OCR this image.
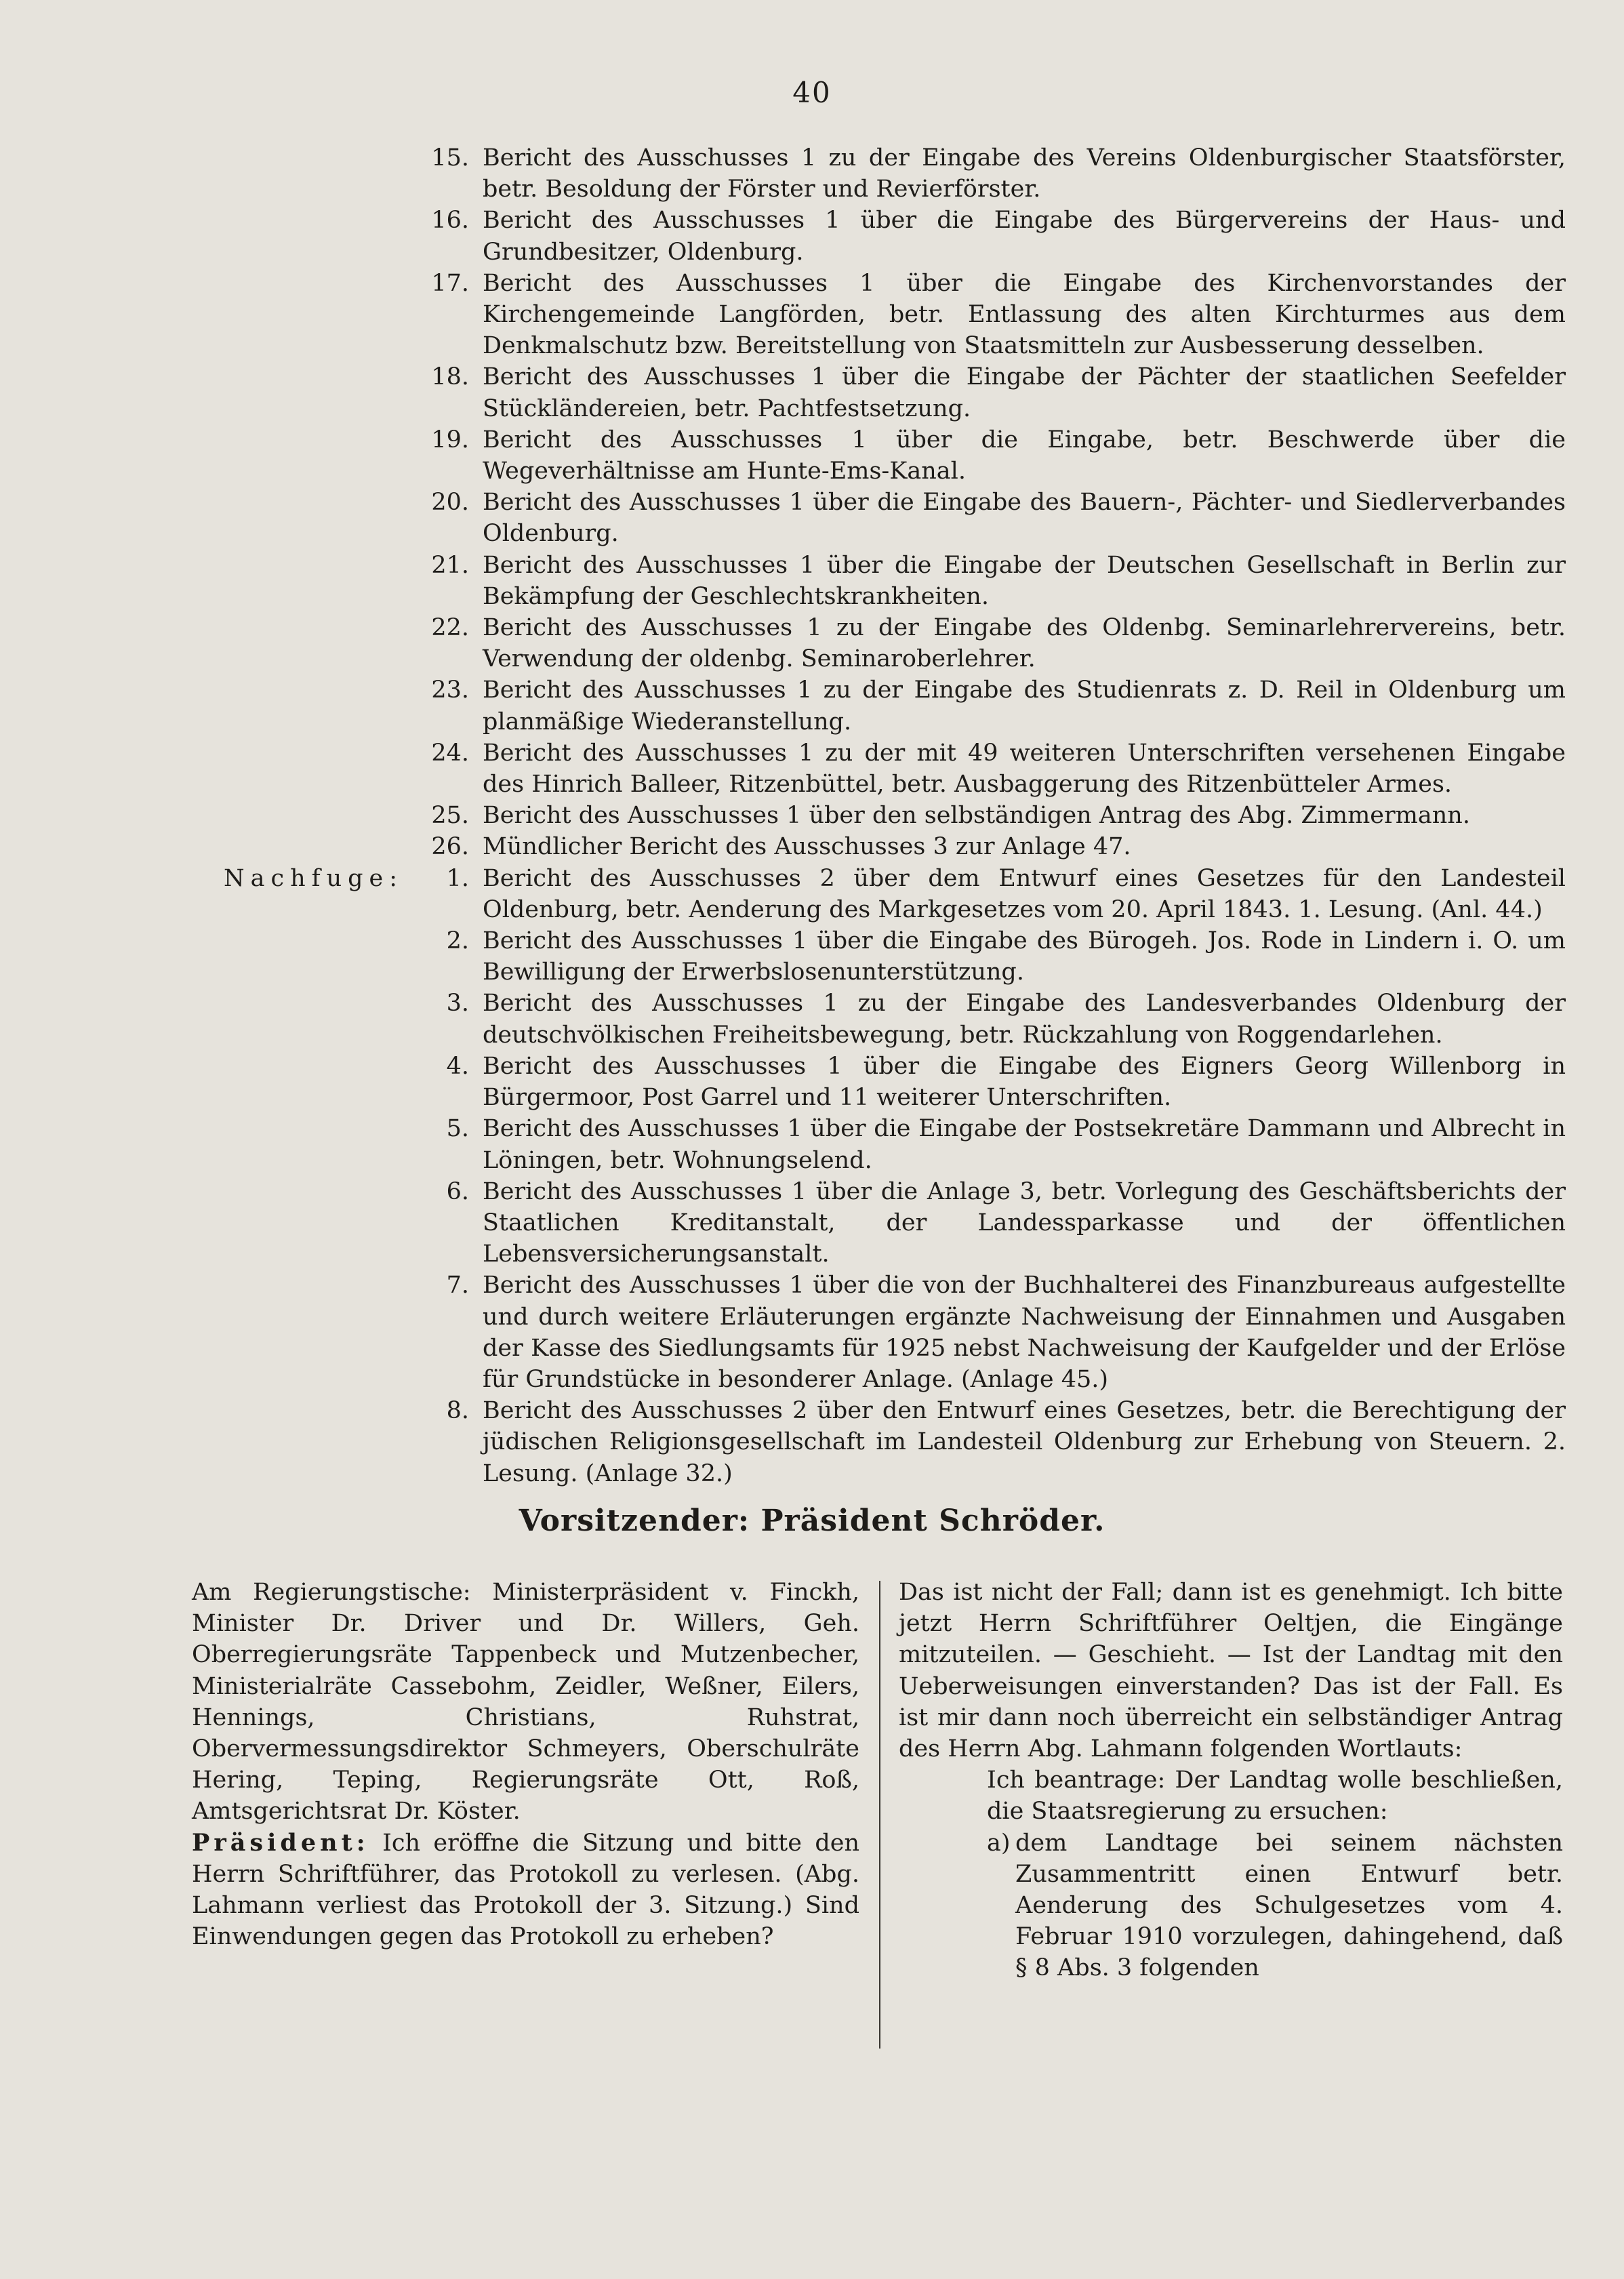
40
15. Bericht des Ausschusses 1 zu der Eingabe des Vereins Oldenburgischer Staatsförster, betr. Besoldung der Förster und Revierförster.
16. Bericht des Ausschusses 1 über die Eingabe des Bürgervereins der Haus- und Grundbesitzer, Oldenburg.
17. Bericht des Ausschusses 1 über die Eingabe des Kirchenvorstandes der Kirchengemeinde Langförden, betr. Entlassung des alten Kirchturmes aus dem Denkmalschutz bzw. Bereitstellung von Staatsmitteln zur Ausbesserung desselben.
18. Bericht des Ausschusses 1 über die Eingabe der Pächter der staatlichen Seefelder Stückländereien, betr. Pachtfestsetzung.
19. Bericht des Ausschusses 1 über die Eingabe, betr. Beschwerde über die Wegeverhältnisse am Hunte-Ems-Kanal.
20. Bericht des Ausschusses 1 über die Eingabe des Bauern-, Pächter- und Siedlerverbandes Oldenburg.
21. Bericht des Ausschusses 1 über die Eingabe der Deutschen Gesellschaft in Berlin zur Bekämpfung der Geschlechtskrankheiten.
22. Bericht des Ausschusses 1 zu der Eingabe des Oldenbg. Seminarlehrervereins, betr. Verwendung der oldenbg. Seminaroberlehrer.
23. Bericht des Ausschusses 1 zu der Eingabe des Studienrats z. D. Reil in Oldenburg um planmäßige Wiederanstellung.
24. Bericht des Ausschusses 1 zu der mit 49 weiteren Unterschriften versehenen Eingabe des Hinrich Balleer, Ritzenbüttel, betr. Ausbaggerung des Ritzenbütteler Armes.
25. Bericht des Ausschusses 1 über den selbständigen Antrag des Abg. Zimmermann.
26. Mündlicher Bericht des Ausschusses 3 zur Anlage 47.
Nachfuge:	1. Bericht des Ausschusses 2 über dem Entwurf eines Gesetzes für den Landesteil Oldenburg, betr. Aenderung des Markgesetzes vom 20. April 1843. 1. Lesung. (Anl. 44.)
2. Bericht des Ausschusses 1 über die Eingabe des Bürogeh. Jos. Rode in Lindern i. O. um Bewilligung der Erwerbslosenunterstützung.
3. Bericht des Ausschusses 1 zu der Eingabe des Landesverbandes Oldenburg der deutschvölkischen Freiheitsbewegung, betr. Rückzahlung von Roggendarlehen.
4. Bericht des Ausschusses 1 über die Eingabe des Eigners Georg Willenborg in Bürgermoor, Post Garrel und 11 weiterer Unterschriften.
5. Bericht des Ausschusses 1 über die Eingabe der Postsekretäre Dammann und Albrecht in Löningen, betr. Wohnungselend.
6. Bericht des Ausschusses 1 über die Anlage 3, betr. Vorlegung des Geschäftsberichts der Staatlichen Kreditanstalt, der Landessparkasse und der öffentlichen Lebensversicherungsanstalt.
7. Bericht des Ausschusses 1 über die von der Buchhalterei des Finanzbureaus aufgestellte und durch weitere Erläuterungen ergänzte Nachweisung der Einnahmen und Ausgaben der Kasse des Siedlungsamts für 1925 nebst Nachweisung der Kaufgelder und der Erlöse für Grundstücke in besonderer Anlage. (Anlage 45.)
8. Bericht des Ausschusses 2 über den Entwurf eines Gesetzes, betr. die Berechtigung der jüdischen Religionsgesellschaft im Landesteil Oldenburg zur Erhebung von Steuern. 2. Lesung. (Anlage 32.)
Vorsitzender: Präsident Schröder.

Am Regierungstische: Ministerpräsident v. Finckh, Minister Dr. Driver und Dr. Willers, Geh. Oberregierungsräte Tappenbeck und Mutzenbecher, Ministerialräte Cassebohm, Zeidler, Weßner, Eilers, Hennings, Christians, Ruhstrat, Obervermessungsdirektor Schmeyers, Oberschulräte Hering, Teping, Regierungsräte Ott, Roß, Amtsgerichtsrat Dr. Köster.

Präsident: Ich eröffne die Sitzung und bitte den Herrn Schriftführer, das Protokoll zu verlesen. (Abg. Lahmann verliest das Protokoll der 3. Sitzung.) Sind Einwendungen gegen das Protokoll zu erheben?

Das ist nicht der Fall; dann ist es genehmigt. Ich bitte jetzt Herrn Schriftführer Oeltjen, die Eingänge mitzuteilen. — Geschieht. — Ist der Landtag mit den Ueberweisungen einverstanden? Das ist der Fall. Es ist mir dann noch überreicht ein selbständiger Antrag des Herrn Abg. Lahmann folgenden Wortlauts:

Ich beantrage: Der Landtag wolle beschließen, die Staatsregierung zu ersuchen:

a) dem Landtage bei seinem nächsten Zusammentritt einen Entwurf betr. Aenderung des Schulgesetzes vom 4. Februar 1910 vorzulegen, dahingehend, daß § 8 Abs. 3 folgenden
